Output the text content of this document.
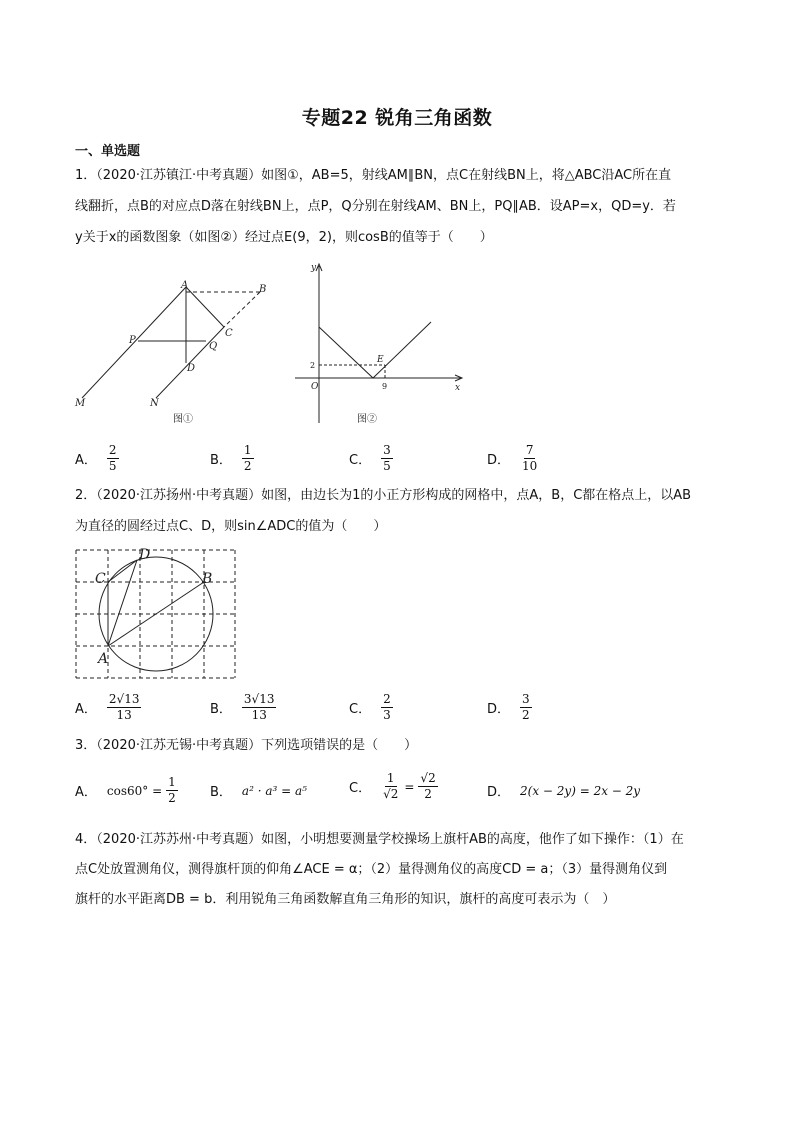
专题22 锐角三角函数
一、单选题
1．（2020·江苏镇江·中考真题）如图①，AB=5，射线AM∥BN，点C在射线BN上，将△ABC沿AC所在直
线翻折，点B的对应点D落在射线BN上，点P，Q分别在射线AM、BN上，PQ∥AB．设AP=x，QD=y．若
y关于x的函数图象（如图②）经过点E(9，2)，则cosB的值等于（　　）
A	B
C
P
Q
D
M	N
图①
y
x
O
E
2
9
图②
A． $\frac{2}{5}$	B． $\frac{1}{2}$	C． $\frac{3}{5}$	D． $\frac{7}{10}$
2．（2020·江苏扬州·中考真题）如图，由边长为1的小正方形构成的网格中，点A，B，C都在格点上，以AB
为直径的圆经过点C、D，则sin∠ADC的值为（　　）
D
C	B
A
A． $\frac{2√13}{13}$	B． $\frac{3√13}{13}$	C． $\frac{2}{3}$	D． $\frac{3}{2}$
3．（2020·江苏无锡·中考真题）下列选项错误的是（　　）
A． $\cos 60^\circ = \frac{1}{2}$ B． a² · a³ = a⁵	C． $\frac{1}{√2} = \frac{√2}{2}$	D． 2(x − 2y) = 2x − 2y
4．（2020·江苏苏州·中考真题）如图，小明想要测量学校操场上旗杆AB的高度，他作了如下操作：（1）在
点C处放置测角仪，测得旗杆顶的仰角∠ACE = α；（2）量得测角仪的高度CD = a；（3）量得测角仪到
旗杆的水平距离DB = b．利用锐角三角函数解直角三角形的知识，旗杆的高度可表示为（　）
